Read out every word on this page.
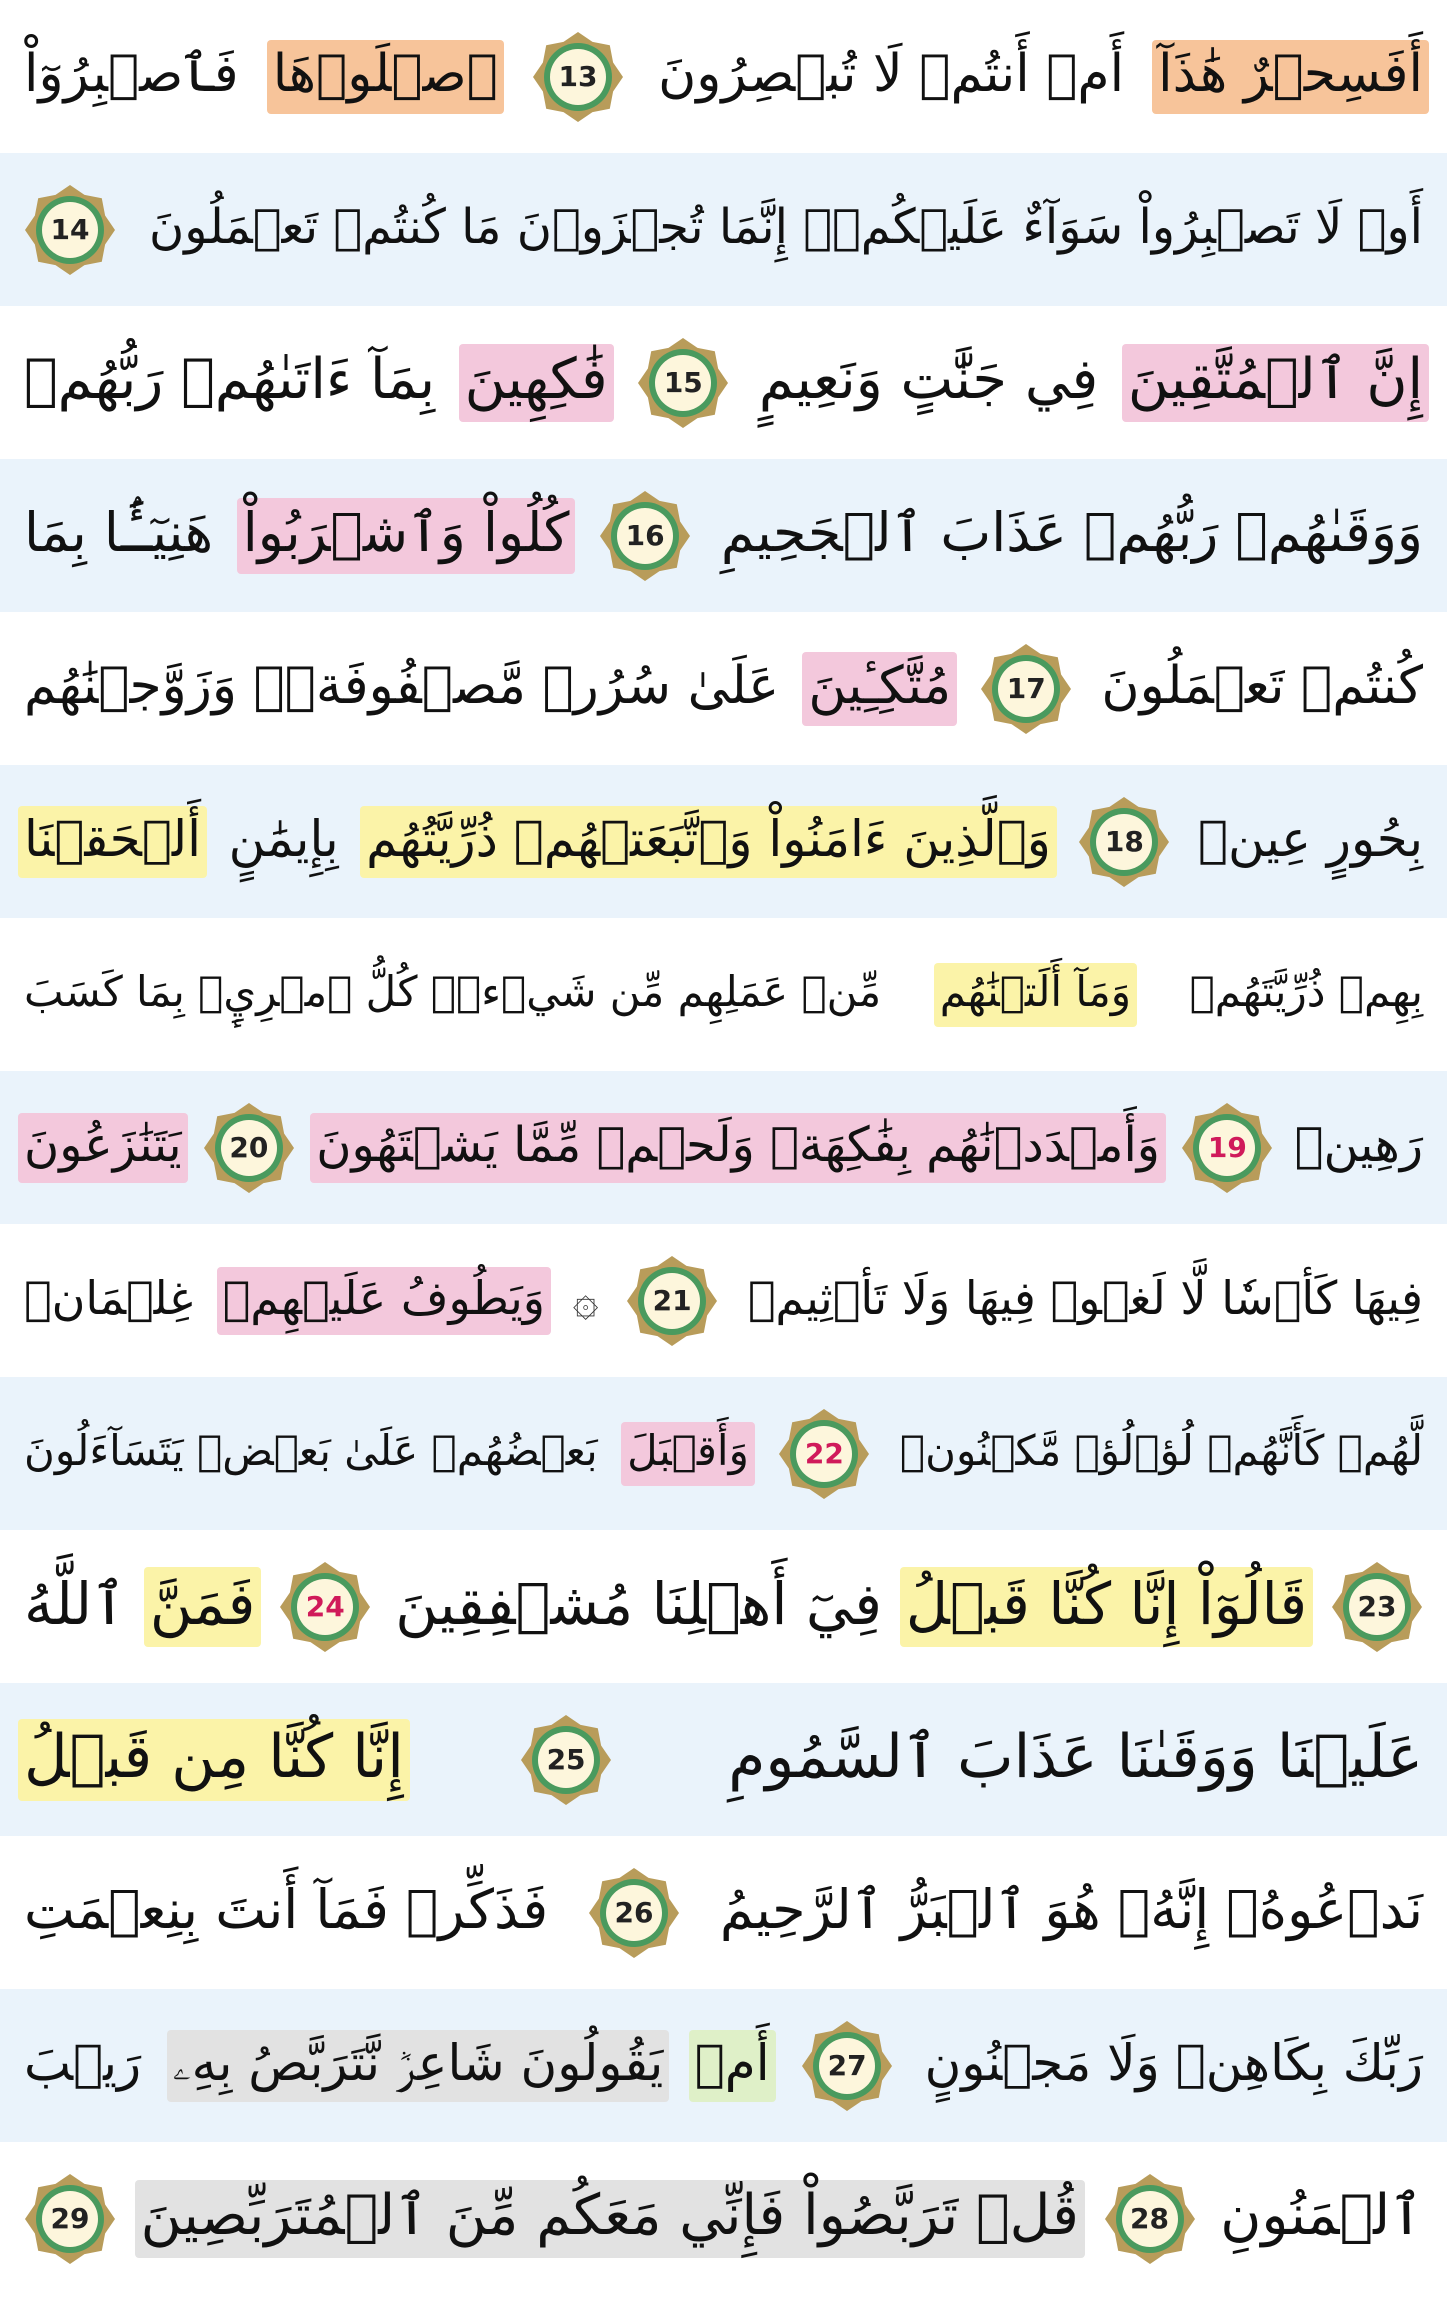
أَفَسِحۡرٌ هَٰذَآ
أَمۡ أَنتُمۡ لَا تُبۡصِرُونَ
13
ٱصۡلَوۡهَا
فَٱصۡبِرُوٓاْ
أَوۡ لَا تَصۡبِرُواْ سَوَآءٌ عَلَيۡكُمۡۖ إِنَّمَا تُجۡزَوۡنَ مَا كُنتُمۡ تَعۡمَلُونَ
14
إِنَّ ٱلۡمُتَّقِينَ
فِي جَنَّٰتٍ وَنَعِيمٍ
15
فَٰكِهِينَ
بِمَآ ءَاتَىٰهُمۡ رَبُّهُمۡ
وَوَقَىٰهُمۡ رَبُّهُمۡ عَذَابَ ٱلۡجَحِيمِ
16
كُلُواْ وَٱشۡرَبُواْ
هَنِيٓـَٔۢا بِمَا
كُنتُمۡ تَعۡمَلُونَ
17
مُتَّكِـِٔينَ
عَلَىٰ سُرُرٖ مَّصۡفُوفَةٖۖ وَزَوَّجۡنَٰهُم
بِحُورٍ عِينٖ
18
وَٱلَّذِينَ ءَامَنُواْ وَٱتَّبَعَتۡهُمۡ ذُرِّيَّتُهُم
بِإِيمَٰنٍ
أَلۡحَقۡنَا
بِهِمۡ ذُرِّيَّتَهُمۡ
وَمَآ أَلَتۡنَٰهُم
مِّنۡ عَمَلِهِم مِّن شَيۡءٖۚ كُلُّ ٱمۡرِيِٕۭ بِمَا كَسَبَ
رَهِينٞ
19
وَأَمۡدَدۡنَٰهُم بِفَٰكِهَةٖ وَلَحۡمٖ مِّمَّا يَشۡتَهُونَ
20
يَتَنَٰزَعُونَ
فِيهَا كَأۡسٗا لَّا لَغۡوٞ فِيهَا وَلَا تَأۡثِيمٞ
21
۞
وَيَطُوفُ عَلَيۡهِمۡ
غِلۡمَانٞ
لَّهُمۡ كَأَنَّهُمۡ لُؤۡلُؤٞ مَّكۡنُونٞ
22
وَأَقۡبَلَ
بَعۡضُهُمۡ عَلَىٰ بَعۡضٖ يَتَسَآءَلُونَ
23
قَالُوٓاْ إِنَّا كُنَّا قَبۡلُ
فِيٓ أَهۡلِنَا مُشۡفِقِينَ
24
فَمَنَّ
ٱللَّهُ
عَلَيۡنَا وَوَقَىٰنَا عَذَابَ ٱلسَّمُومِ
25
إِنَّا كُنَّا مِن قَبۡلُ
نَدۡعُوهُۖ إِنَّهُۥ هُوَ ٱلۡبَرُّ ٱلرَّحِيمُ
26
فَذَكِّرۡ فَمَآ أَنتَ بِنِعۡمَتِ
رَبِّكَ بِكَاهِنٖ وَلَا مَجۡنُونٍ
27
أَمۡ
يَقُولُونَ شَاعِرٞ نَّتَرَبَّصُ بِهِۦ
رَيۡبَ
ٱلۡمَنُونِ
28
قُلۡ تَرَبَّصُواْ فَإِنِّي مَعَكُم مِّنَ ٱلۡمُتَرَبِّصِينَ
29
